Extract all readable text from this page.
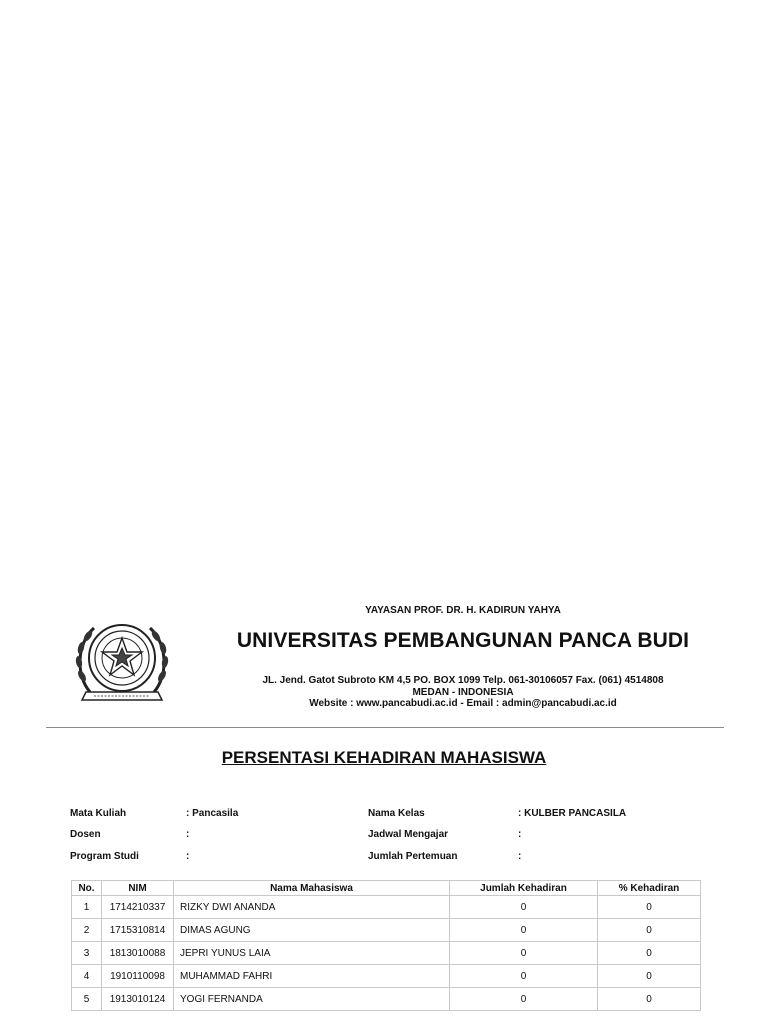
YAYASAN PROF. DR. H. KADIRUN YAHYA
UNIVERSITAS PEMBANGUNAN PANCA BUDI
JL. Jend. Gatot Subroto KM 4,5 PO. BOX 1099 Telp. 061-30106057 Fax. (061) 4514808
MEDAN - INDONESIA
Website : www.pancabudi.ac.id - Email : admin@pancabudi.ac.id
PERSENTASI KEHADIRAN MAHASISWA
Mata Kuliah	: Pancasila
Dosen	:
Program Studi	:
Nama Kelas	: KULBER PANCASILA
Jadwal Mengajar	:
Jumlah Pertemuan	:
No.	NIM	Nama Mahasiswa	Jumlah Kehadiran	% Kehadiran
1	1714210337	RIZKY DWI ANANDA	0	0
2	1715310814	DIMAS AGUNG	0	0
3	1813010088	JEPRI YUNUS LAIA	0	0
4	1910110098	MUHAMMAD FAHRI	0	0
5	1913010124	YOGI FERNANDA	0	0
